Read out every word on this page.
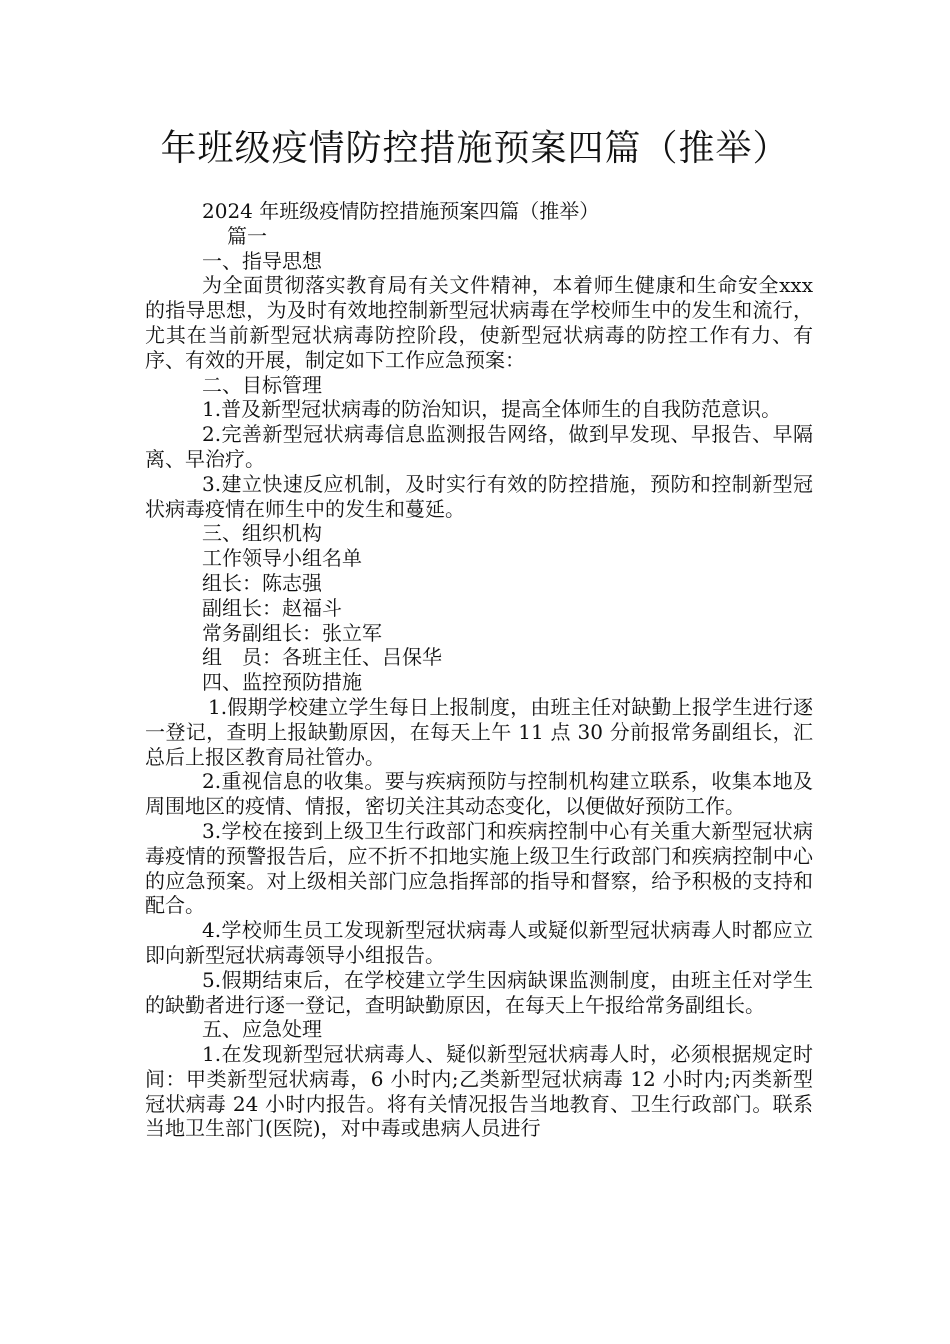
年班级疫情防控措施预案四篇（推举）

2024 年班级疫情防控措施预案四篇（推举）

篇一

一、指导思想

为全面贯彻落实教育局有关文件精神，本着师生健康和生命安全xxx 的指导思想，为及时有效地控制新型冠状病毒在学校师生中的发生和流行，尤其在当前新型冠状病毒防控阶段，使新型冠状病毒的防控工作有力、有序、有效的开展，制定如下工作应急预案：

二、目标管理

1.普及新型冠状病毒的防治知识，提高全体师生的自我防范意识。

2.完善新型冠状病毒信息监测报告网络，做到早发现、早报告、早隔离、早治疗。

3.建立快速反应机制，及时实行有效的防控措施，预防和控制新型冠状病毒疫情在师生中的发生和蔓延。

三、组织机构

工作领导小组名单

组长：陈志强

副组长：赵福斗

常务副组长：张立军

组　员：各班主任、吕保华

四、监控预防措施

1.假期学校建立学生每日上报制度，由班主任对缺勤上报学生进行逐一登记，查明上报缺勤原因，在每天上午 11 点 30 分前报常务副组长，汇总后上报区教育局社管办。

2.重视信息的收集。要与疾病预防与控制机构建立联系，收集本地及周围地区的疫情、情报，密切关注其动态变化，以便做好预防工作。

3.学校在接到上级卫生行政部门和疾病控制中心有关重大新型冠状病毒疫情的预警报告后，应不折不扣地实施上级卫生行政部门和疾病控制中心的应急预案。对上级相关部门应急指挥部的指导和督察，给予积极的支持和配合。

4.学校师生员工发现新型冠状病毒人或疑似新型冠状病毒人时都应立即向新型冠状病毒领导小组报告。

5.假期结束后，在学校建立学生因病缺课监测制度，由班主任对学生的缺勤者进行逐一登记，查明缺勤原因，在每天上午报给常务副组长。

五、应急处理

1.在发现新型冠状病毒人、疑似新型冠状病毒人时，必须根据规定时间：甲类新型冠状病毒，6 小时内;乙类新型冠状病毒 12 小时内;丙类新型冠状病毒 24 小时内报告。将有关情况报告当地教育、卫生行政部门。联系当地卫生部门(医院)，对中毒或患病人员进行
